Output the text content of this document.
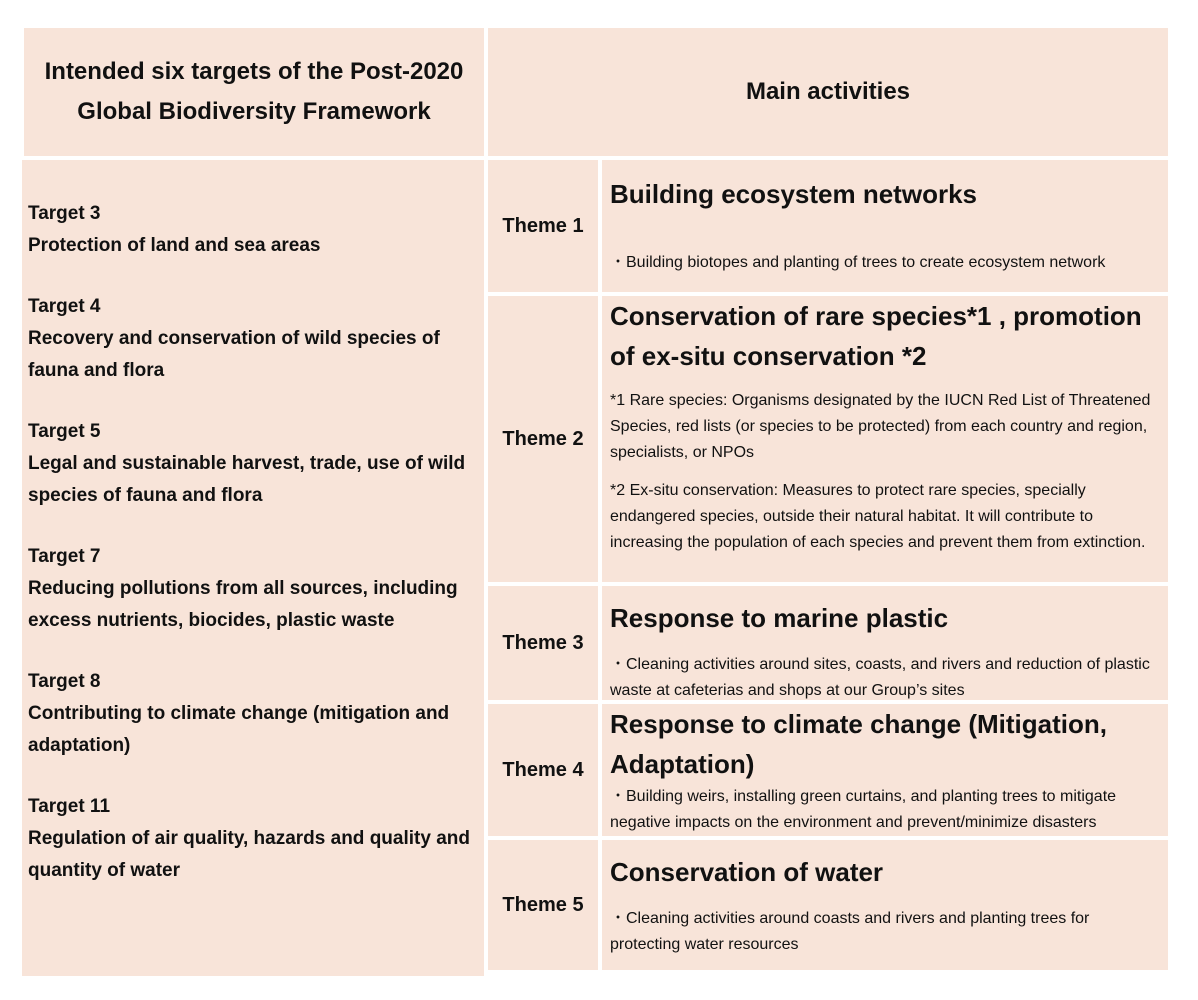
Intended six targets of the Post-2020 Global Biodiversity Framework
Main activities
Target 3
Protection of land and sea areas
Target 4
Recovery and conservation of wild species of fauna and flora
Target 5
Legal and sustainable harvest, trade, use of wild species of fauna and flora
Target 7
Reducing pollutions from all sources, including excess nutrients, biocides, plastic waste
Target 8
Contributing to climate change (mitigation and adaptation)
Target 11
Regulation of air quality, hazards and quality and quantity of water
Theme 1
Building ecosystem networks
・Building biotopes and planting of trees to create ecosystem network
Theme 2
Conservation of rare species*1 , promotion of ex-situ conservation *2
*1 Rare species: Organisms designated by the IUCN Red List of Threatened Species, red lists (or species to be protected) from each country and region, specialists, or NPOs
*2 Ex-situ conservation: Measures to protect rare species, specially endangered species, outside their natural habitat. It will contribute to increasing the population of each species and prevent them from extinction.
Theme 3
Response to marine plastic
・Cleaning activities around sites, coasts, and rivers and reduction of plastic waste at cafeterias and shops at our Group’s sites
Theme 4
Response to climate change (Mitigation, Adaptation)
・Building weirs, installing green curtains, and planting trees to mitigate negative impacts on the environment and prevent/minimize disasters
Theme 5
Conservation of water
・Cleaning activities around coasts and rivers and planting trees for protecting water resources
